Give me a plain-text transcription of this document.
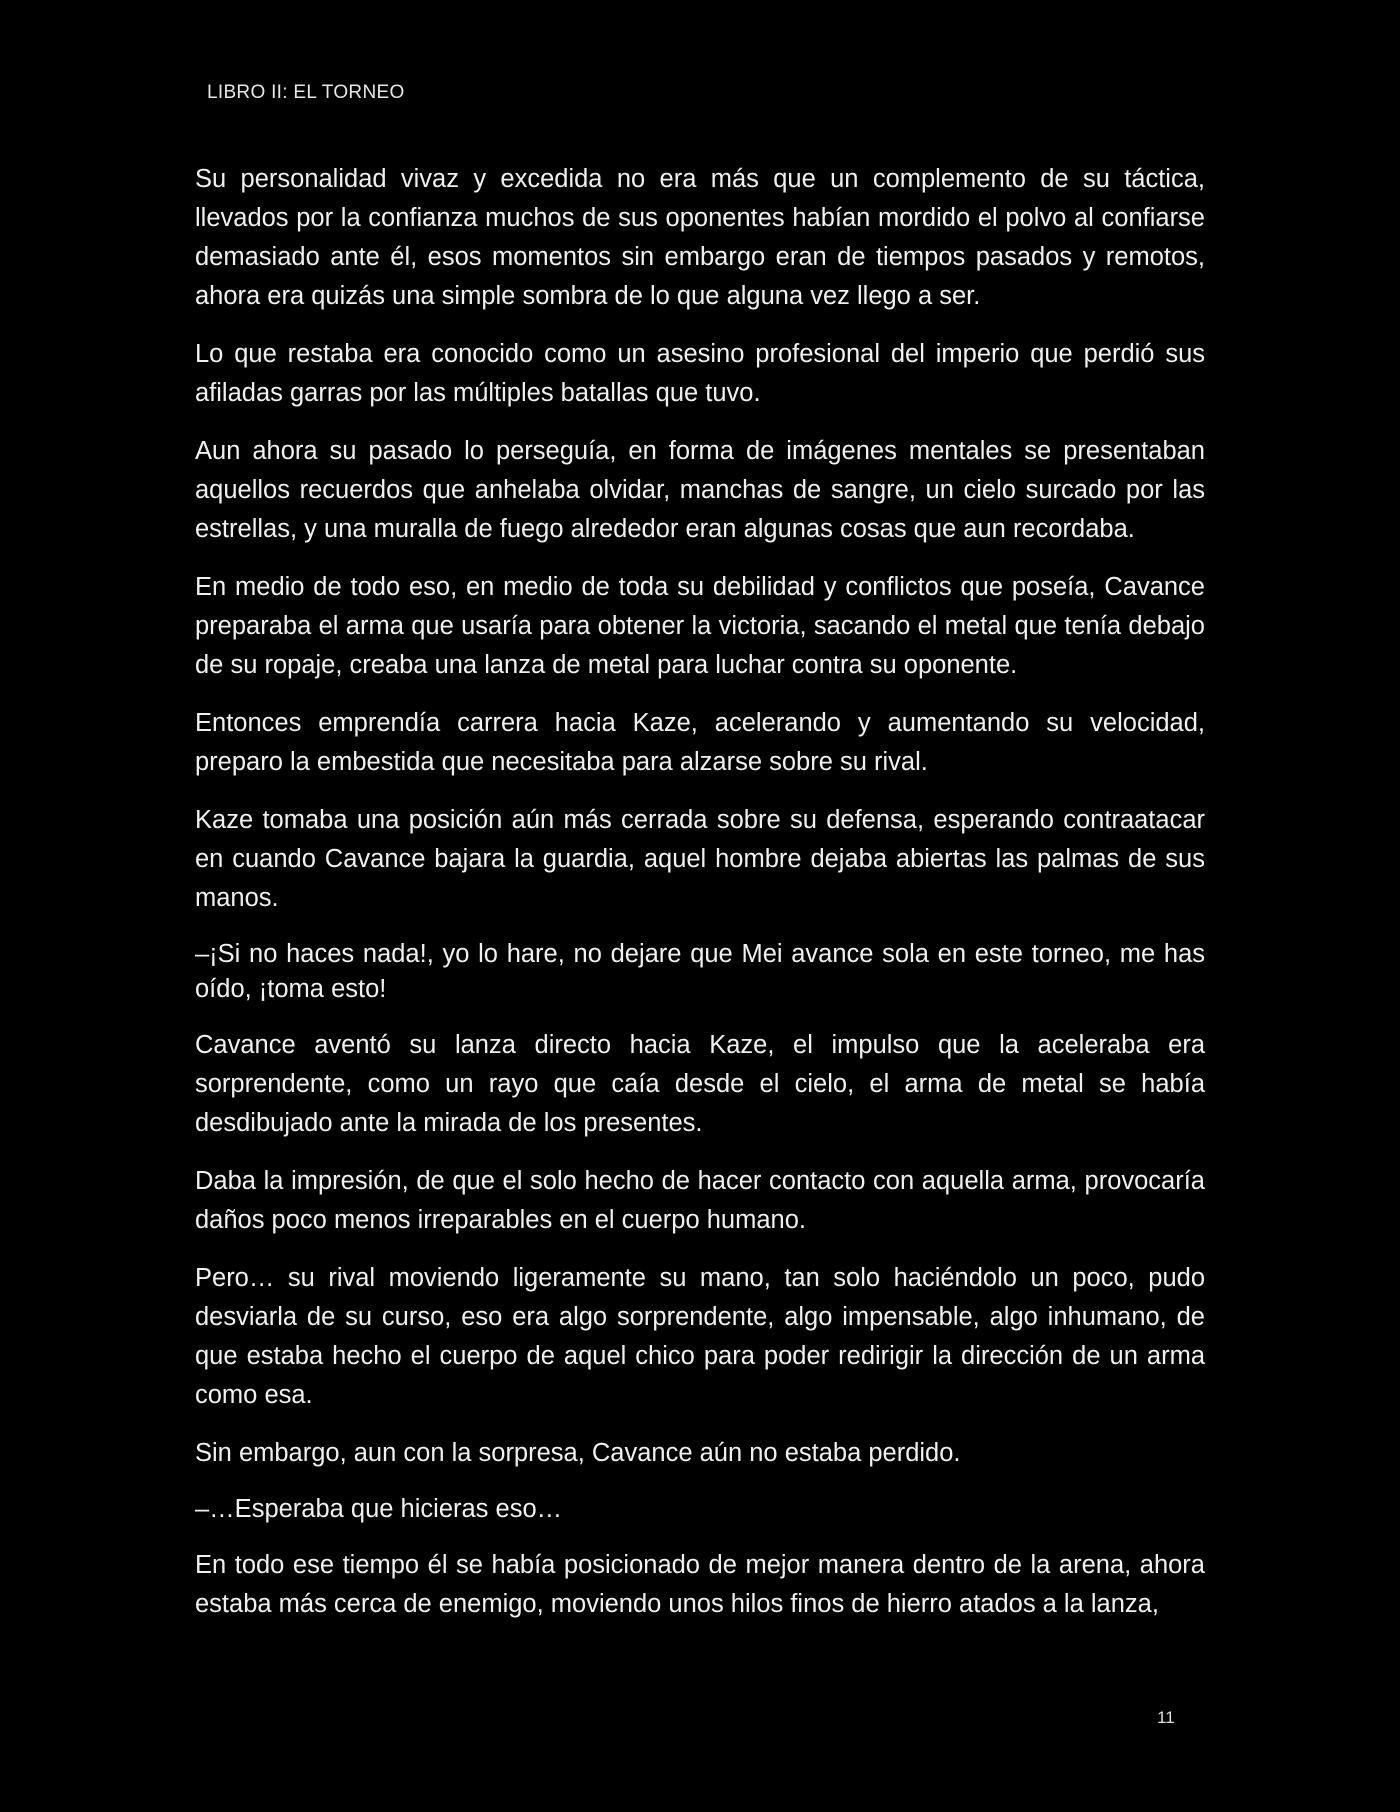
LIBRO II: EL TORNEO

Su personalidad vivaz y excedida no era más que un complemento de su táctica, llevados por la confianza muchos de sus oponentes habían mordido el polvo al confiarse demasiado ante él, esos momentos sin embargo eran de tiempos pasados y remotos, ahora era quizás una simple sombra de lo que alguna vez llego a ser.

Lo que restaba era conocido como un asesino profesional del imperio que perdió sus afiladas garras por las múltiples batallas que tuvo.

Aun ahora su pasado lo perseguía, en forma de imágenes mentales se presentaban aquellos recuerdos que anhelaba olvidar, manchas de sangre, un cielo surcado por las estrellas, y una muralla de fuego alrededor eran algunas cosas que aun recordaba.

En medio de todo eso, en medio de toda su debilidad y conflictos que poseía, Cavance preparaba el arma que usaría para obtener la victoria, sacando el metal que tenía debajo de su ropaje, creaba una lanza de metal para luchar contra su oponente.

Entonces emprendía carrera hacia Kaze, acelerando y aumentando su velocidad, preparo la embestida que necesitaba para alzarse sobre su rival.

Kaze tomaba una posición aún más cerrada sobre su defensa, esperando contraatacar en cuando Cavance bajara la guardia, aquel hombre dejaba abiertas las palmas de sus manos.

–¡Si no haces nada!, yo lo hare, no dejare que Mei avance sola en este torneo, me has oído, ¡toma esto!

Cavance aventó su lanza directo hacia Kaze, el impulso que la aceleraba era sorprendente, como un rayo que caía desde el cielo, el arma de metal se había desdibujado ante la mirada de los presentes.

Daba la impresión, de que el solo hecho de hacer contacto con aquella arma, provocaría daños poco menos irreparables en el cuerpo humano.

Pero… su rival moviendo ligeramente su mano, tan solo haciéndolo un poco, pudo desviarla de su curso, eso era algo sorprendente, algo impensable, algo inhumano, de que estaba hecho el cuerpo de aquel chico para poder redirigir la dirección de un arma como esa.

Sin embargo, aun con la sorpresa, Cavance aún no estaba perdido.

–…Esperaba que hicieras eso…

En todo ese tiempo él se había posicionado de mejor manera dentro de la arena, ahora estaba más cerca de enemigo, moviendo unos hilos finos de hierro atados a la lanza,

11
